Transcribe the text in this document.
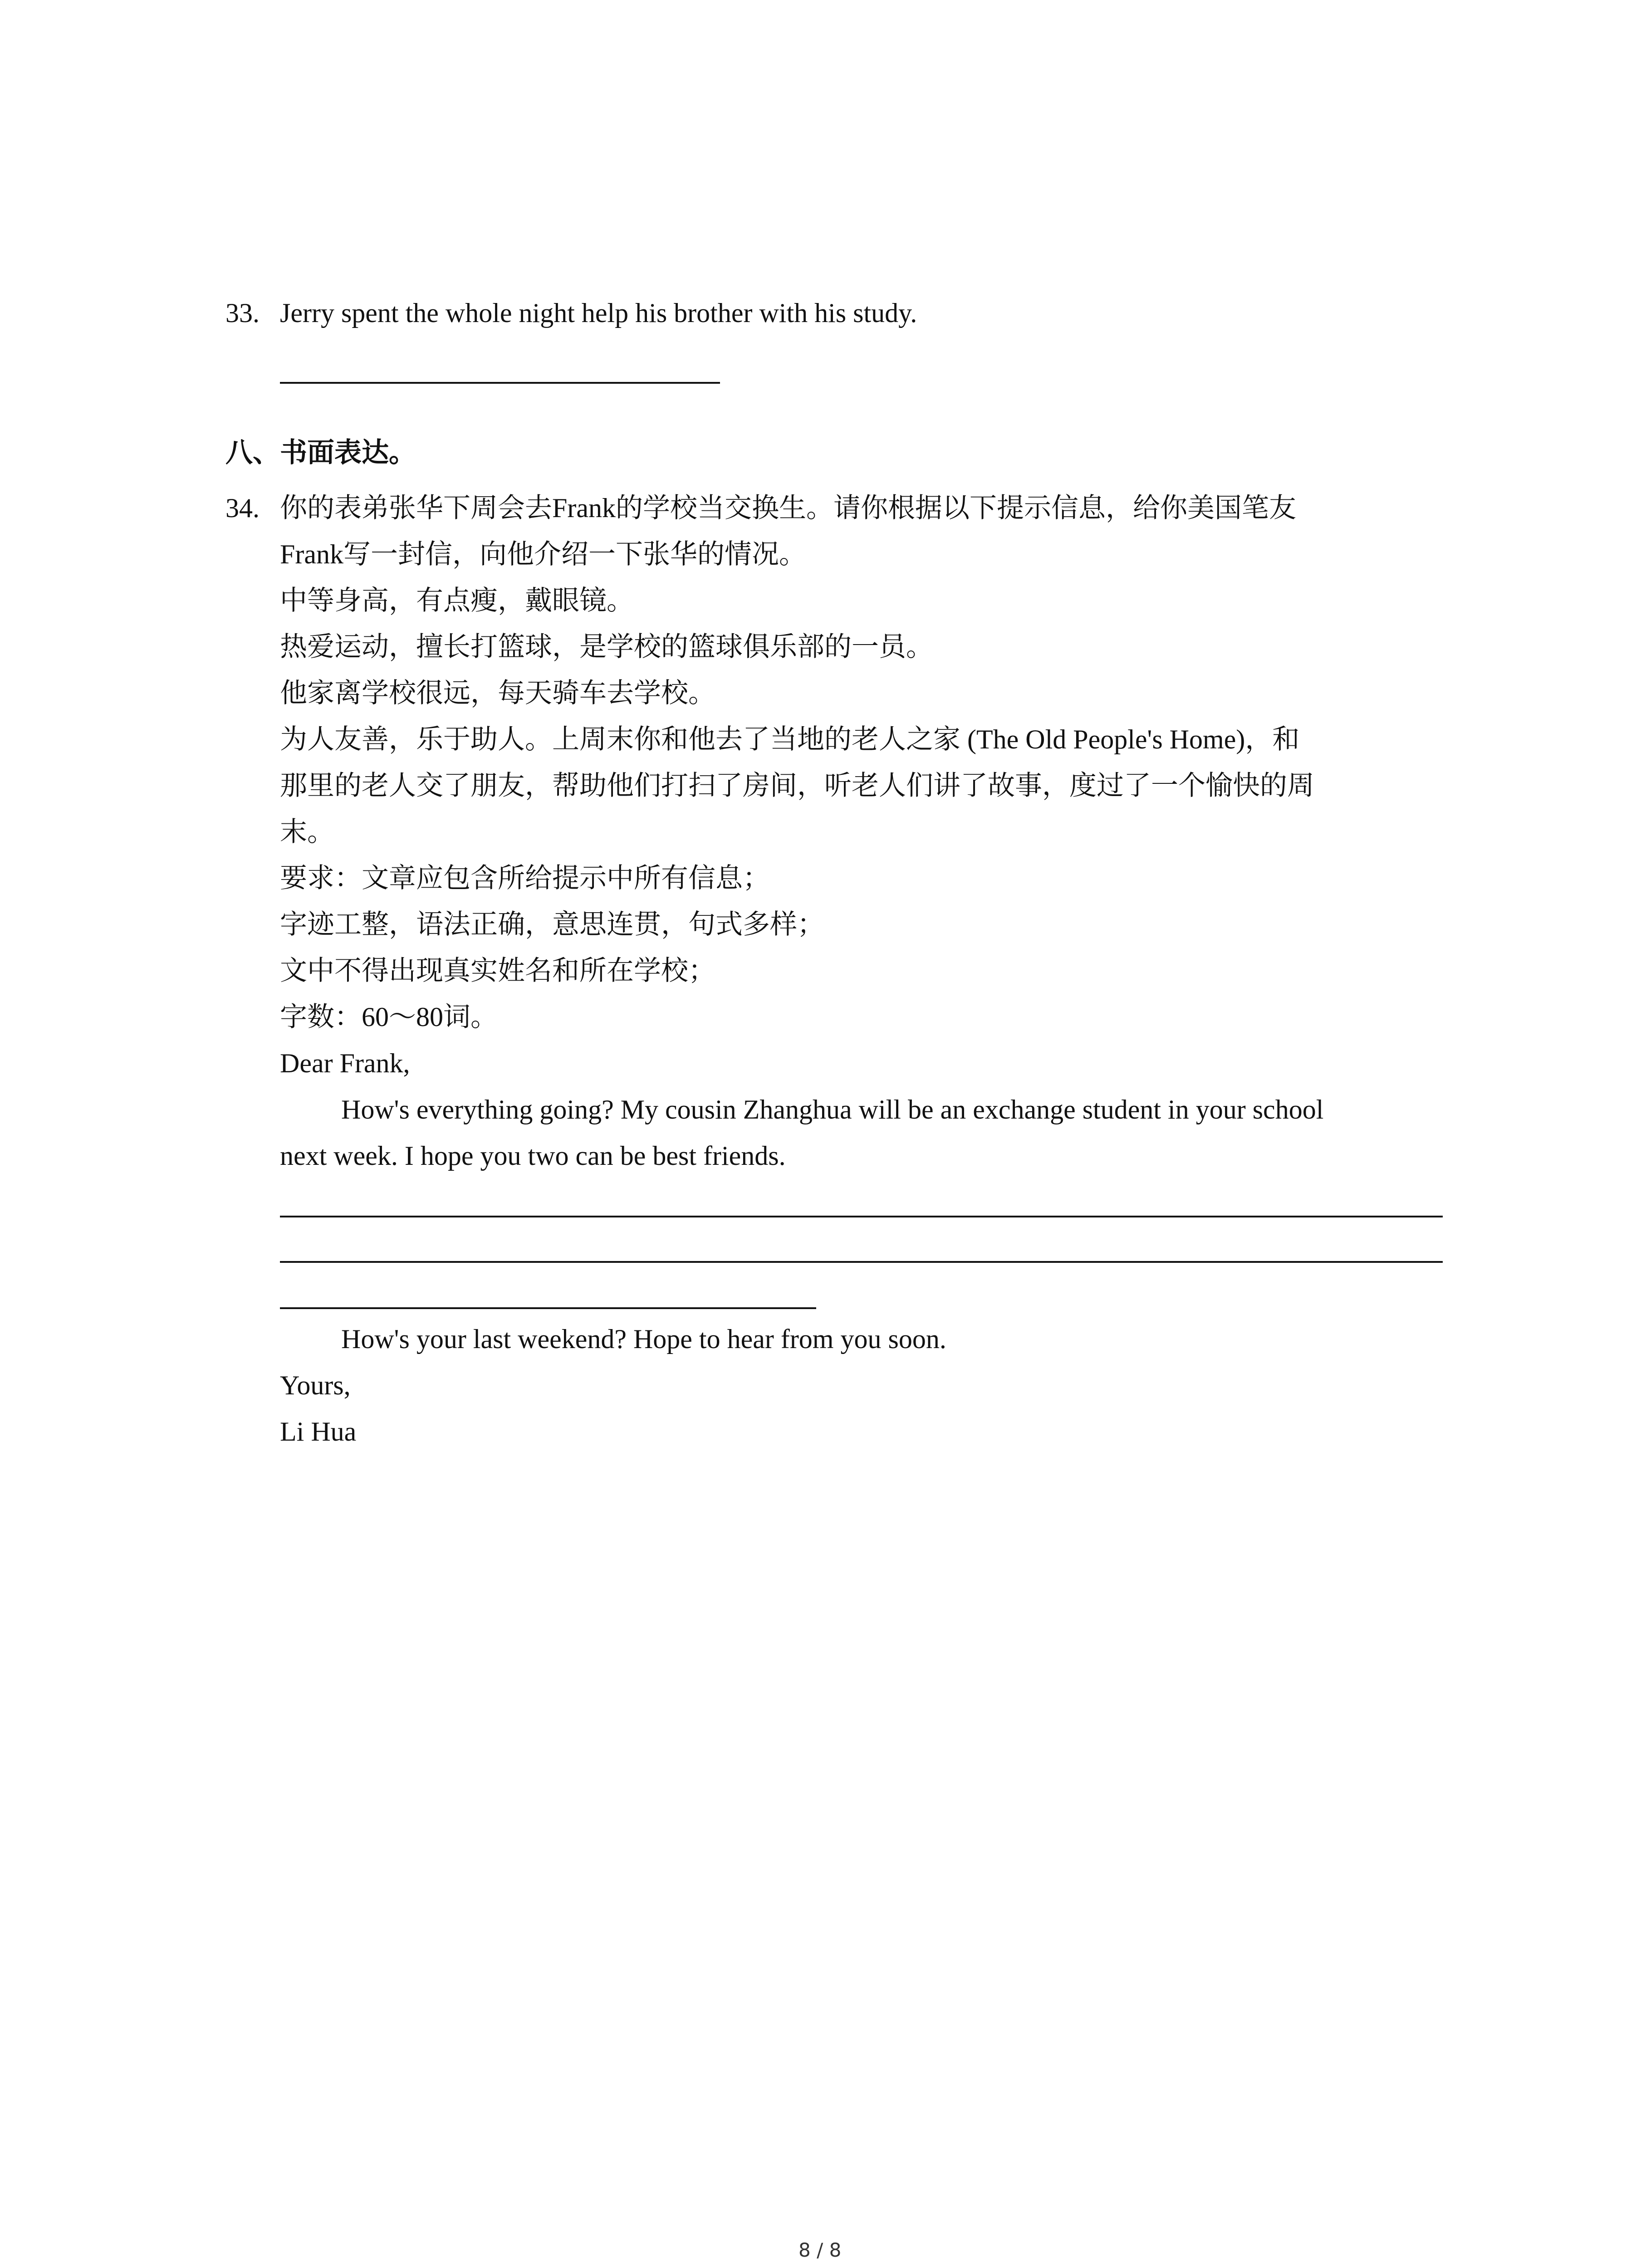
33. Jerry spent the whole night help his brother with his study.
八、书面表达。
34. 你的表弟张华下周会去Frank的学校当交换生。请你根据以下提示信息，给你美国笔友
Frank写一封信，向他介绍一下张华的情况。
中等身高，有点瘦，戴眼镜。
热爱运动，擅长打篮球，是学校的篮球俱乐部的一员。
他家离学校很远，每天骑车去学校。
为人友善，乐于助人。上周末你和他去了当地的老人之家 (The Old People's Home)，和
那里的老人交了朋友，帮助他们打扫了房间，听老人们讲了故事，度过了一个愉快的周
末。
要求：文章应包含所给提示中所有信息；
字迹工整，语法正确，意思连贯，句式多样；
文中不得出现真实姓名和所在学校；
字数：60～80词。
Dear Frank,
How's everything going? My cousin Zhanghua will be an exchange student in your school
next week. I hope you two can be best friends.
How's your last weekend? Hope to hear from you soon.
Yours,
Li Hua
8 / 8
